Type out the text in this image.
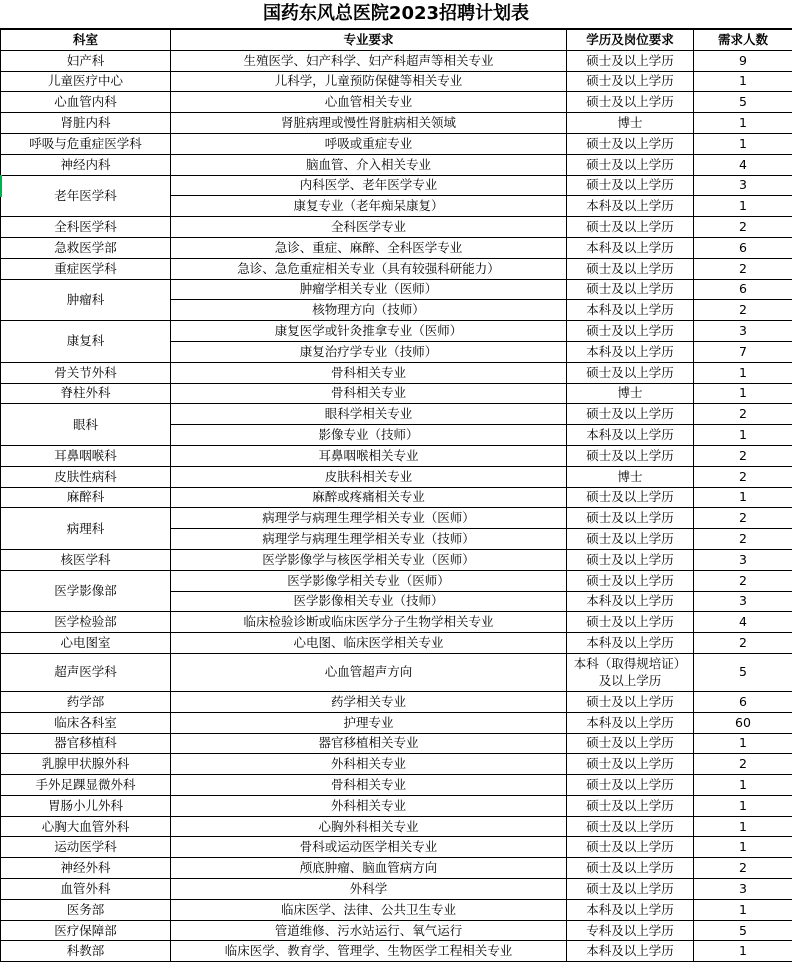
国药东风总医院2023招聘计划表
科室	专业要求	学历及岗位要求	需求人数
妇产科	生殖医学、妇产科学、妇产科超声等相关专业	硕士及以上学历	9
儿童医疗中心	儿科学，儿童预防保健等相关专业	硕士及以上学历	1
心血管内科	心血管相关专业	硕士及以上学历	5
肾脏内科	肾脏病理或慢性肾脏病相关领域	博士	1
呼吸与危重症医学科	呼吸或重症专业	硕士及以上学历	1
神经内科	脑血管、介入相关专业	硕士及以上学历	4
老年医学科	内科医学、老年医学专业	硕士及以上学历	3
	康复专业（老年痴呆康复）	本科及以上学历	1
全科医学科	全科医学专业	硕士及以上学历	2
急救医学部	急诊、重症、麻醉、全科医学专业	本科及以上学历	6
重症医学科	急诊、急危重症相关专业（具有较强科研能力）	硕士及以上学历	2
肿瘤科	肿瘤学相关专业（医师）	硕士及以上学历	6
	核物理方向（技师）	本科及以上学历	2
康复科	康复医学或针灸推拿专业（医师）	硕士及以上学历	3
	康复治疗学专业（技师）	本科及以上学历	7
骨关节外科	骨科相关专业	硕士及以上学历	1
脊柱外科	骨科相关专业	博士	1
眼科	眼科学相关专业	硕士及以上学历	2
	影像专业（技师）	本科及以上学历	1
耳鼻咽喉科	耳鼻咽喉相关专业	硕士及以上学历	2
皮肤性病科	皮肤科相关专业	博士	2
麻醉科	麻醉或疼痛相关专业	硕士及以上学历	1
病理科	病理学与病理生理学相关专业（医师）	硕士及以上学历	2
	病理学与病理生理学相关专业（技师）	硕士及以上学历	2
核医学科	医学影像学与核医学相关专业（医师）	硕士及以上学历	3
医学影像部	医学影像学相关专业（医师）	硕士及以上学历	2
	医学影像相关专业（技师）	本科及以上学历	3
医学检验部	临床检验诊断或临床医学分子生物学相关专业	硕士及以上学历	4
心电图室	心电图、临床医学相关专业	本科及以上学历	2
超声医学科	心血管超声方向	本科（取得规培证）及以上学历	5
药学部	药学相关专业	硕士及以上学历	6
临床各科室	护理专业	本科及以上学历	60
器官移植科	器官移植相关专业	硕士及以上学历	1
乳腺甲状腺外科	外科相关专业	硕士及以上学历	2
手外足踝显微外科	骨科相关专业	硕士及以上学历	1
胃肠小儿外科	外科相关专业	硕士及以上学历	1
心胸大血管外科	心胸外科相关专业	硕士及以上学历	1
运动医学科	骨科或运动医学相关专业	硕士及以上学历	1
神经外科	颅底肿瘤、脑血管病方向	硕士及以上学历	2
血管外科	外科学	硕士及以上学历	3
医务部	临床医学、法律、公共卫生专业	本科及以上学历	1
医疗保障部	管道维修、污水站运行、氧气运行	专科及以上学历	5
科教部	临床医学、教育学、管理学、生物医学工程相关专业	本科及以上学历	1
